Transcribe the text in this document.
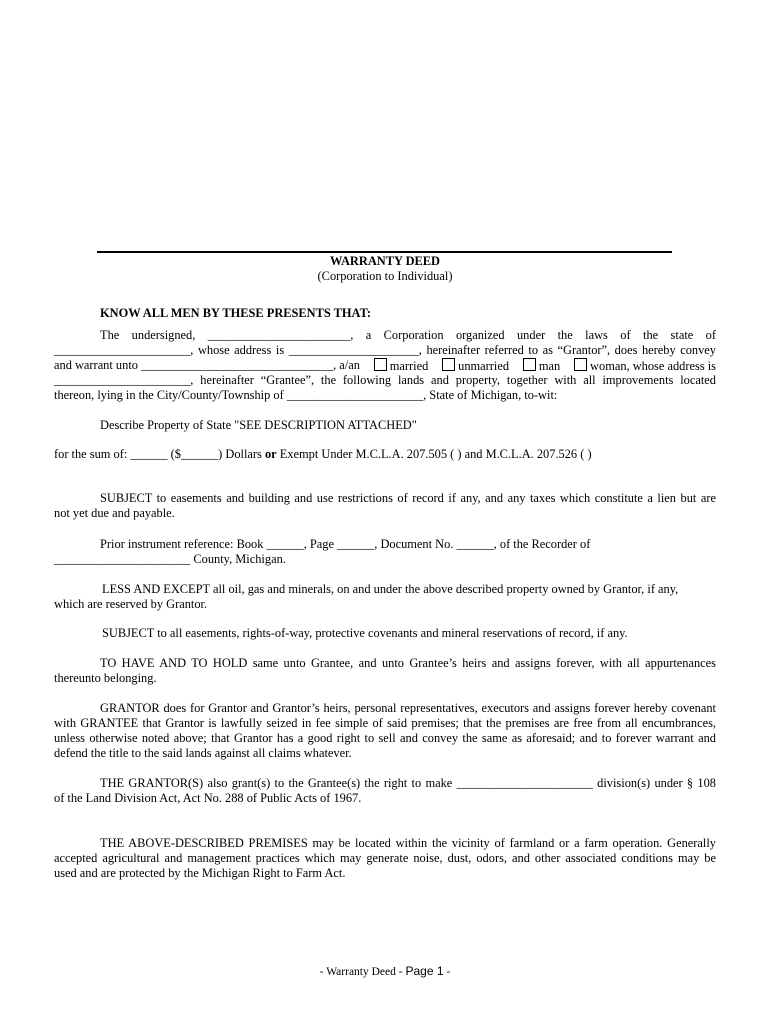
WARRANTY DEED
(Corporation to Individual)
KNOW ALL MEN BY THESE PRESENTS THAT:
The undersigned, _______________________, a Corporation organized under the laws of the state of
______________________, whose address is _____________________, hereinafter referred to as “Grantor”, does hereby convey
and warrant unto _______________________________, a/an	married	unmarried	man	woman, whose address is
______________________, hereinafter “Grantee”, the following lands and property, together with all improvements located
thereon, lying in the City/County/Township of ______________________, State of Michigan, to-wit:
Describe Property of State "SEE DESCRIPTION ATTACHED"
for the sum of: ______ ($______) Dollars or Exempt Under M.C.L.A. 207.505 ( ) and M.C.L.A. 207.526 ( )
SUBJECT to easements and building and use restrictions of record if any, and any taxes which constitute a lien but are
not yet due and payable.
Prior instrument reference: Book ______, Page ______, Document No. ______, of the Recorder of
______________________ County, Michigan.
LESS AND EXCEPT all oil, gas and minerals, on and under the above described property owned by Grantor, if any,
which are reserved by Grantor.
SUBJECT to all easements, rights-of-way, protective covenants and mineral reservations of record, if any.
TO HAVE AND TO HOLD same unto Grantee, and unto Grantee’s heirs and assigns forever, with all appurtenances
thereunto belonging.
GRANTOR does for Grantor and Grantor’s heirs, personal representatives, executors and assigns forever hereby covenant
with GRANTEE that Grantor is lawfully seized in fee simple of said premises; that the premises are free from all encumbrances,
unless otherwise noted above; that Grantor has a good right to sell and convey the same as aforesaid; and to forever warrant and
defend the title to the said lands against all claims whatever.
THE GRANTOR(S) also grant(s) to the Grantee(s) the right to make ______________________ division(s) under § 108
of the Land Division Act, Act No. 288 of Public Acts of 1967.
THE ABOVE-DESCRIBED PREMISES may be located within the vicinity of farmland or a farm operation. Generally
accepted agricultural and management practices which may generate noise, dust, odors, and other associated conditions may be
used and are protected by the Michigan Right to Farm Act.
- Warranty Deed - Page 1 -
